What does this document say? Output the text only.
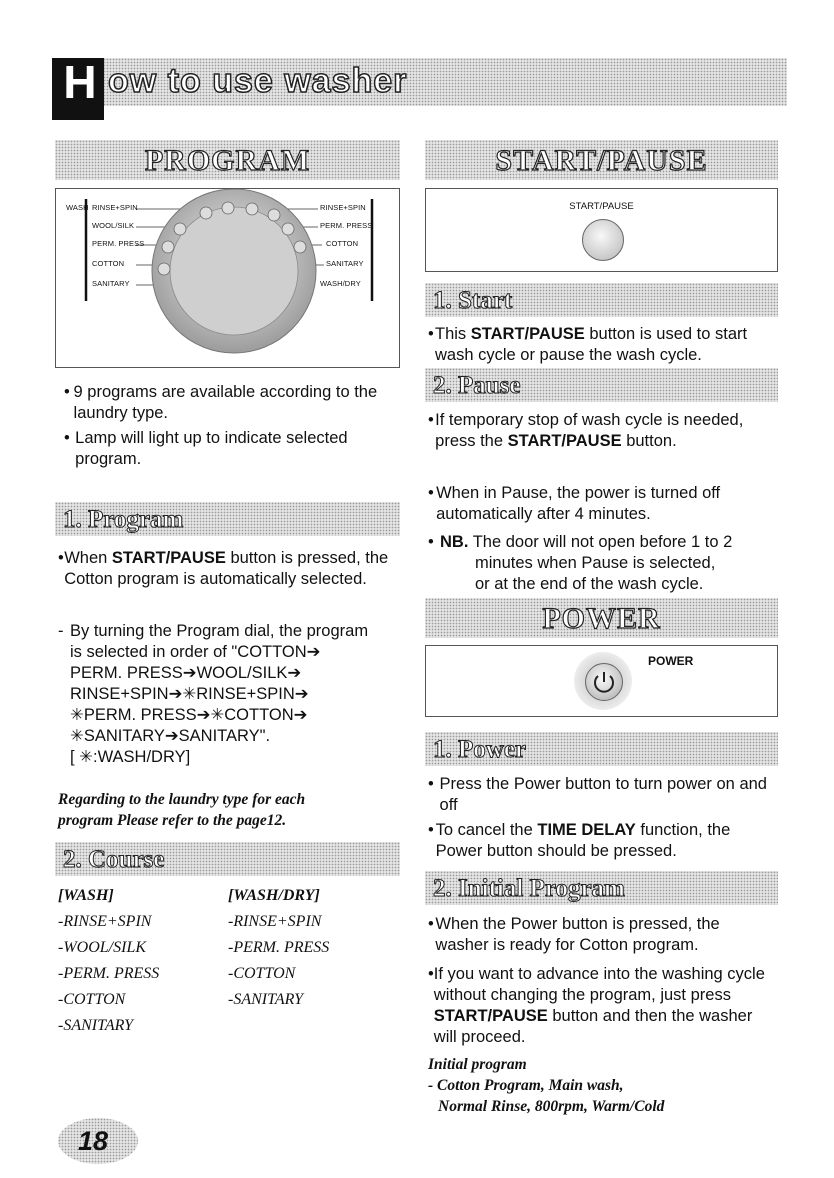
H ow to use washer
PROGRAM
WASH RINSE+SPIN
WOOL/SILK
PERM. PRESS
COTTON
SANITARY
RINSE+SPIN
PERM. PRESS
COTTON
SANITARY
WASH/DRY
• 9 programs are available according to the laundry type.
• Lamp will light up to indicate selected program.
1. Program
• When START/PAUSE button is pressed, the Cotton program is automatically selected.
- By turning the Program dial, the program
is selected in order of "COTTON➔
PERM. PRESS➔WOOL/SILK➔
RINSE+SPIN➔✳RINSE+SPIN➔
✳PERM. PRESS➔✳COTTON➔
✳SANITARY➔SANITARY".
[ ✳:WASH/DRY]
Regarding to the laundry type for each
program Please refer to the page12.
2. Course
[WASH]
-RINSE+SPIN
-WOOL/SILK
-PERM. PRESS
-COTTON
-SANITARY
[WASH/DRY]
-RINSE+SPIN
-PERM. PRESS
-COTTON
-SANITARY
START/PAUSE
START/PAUSE
1. Start
• This START/PAUSE button is used to start wash cycle or pause the wash cycle.
2. Pause
• If temporary stop of wash cycle is needed, press the START/PAUSE button.
• When in Pause, the power is turned off automatically after 4 minutes.
• NB. The door will not open before 1 to 2
minutes when Pause is selected,
or at the end of the wash cycle.
POWER
POWER
1. Power
• Press the Power button to turn power on and off
• To cancel the TIME DELAY function, the Power button should be pressed.
2. Initial Program
• When the Power button is pressed, the washer is ready for Cotton program.
• If you want to advance into the washing cycle without changing the program, just press START/PAUSE button and then the washer will proceed.
Initial program
- Cotton Program, Main wash,
Normal Rinse, 800rpm, Warm/Cold
18
